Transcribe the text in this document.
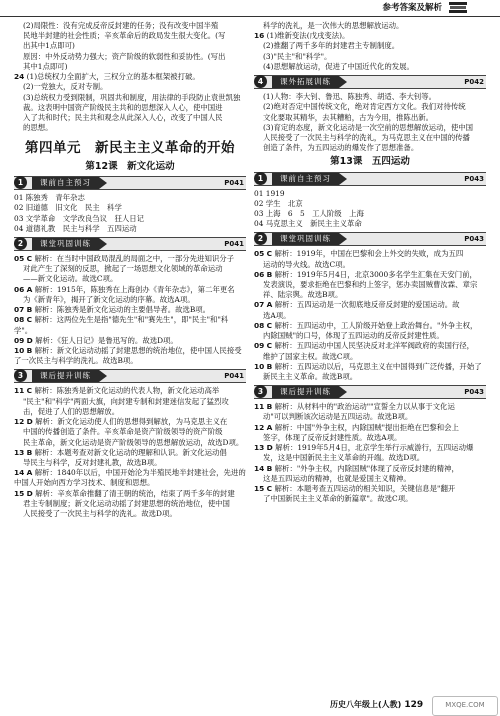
参考答案及解析

(2)局限性：没有完成反帝反封建的任务；没有改变中国半殖

民地半封建的社会性质；辛亥革命后的政局发生很大变化。(写

出其中1点即可)

原因：中外反动势力强大；资产阶级的软弱性和妥协性。(写出

其中1点即可)

24 (1)总统权力全面扩大，三权分立的基本框架被打破。

(2)一党独大，反对专制。

(3)总统权力受到限制，巩固共和制度，用法律的手段防止袁世凯独

裁。这表明中国资产阶级民主共和的思想深入人心，使中国进

入了共和时代；民主共和观念从此深入人心，改变了中国人民

的思想。

第四单元　新民主主义革命的开始
第12课　新文化运动
1	课前自主预习	P041

01 陈独秀　青年杂志

02 旧道德　旧文化　民主　科学

03 文学革命　文学改良刍议　狂人日记

04 道德礼教　民主与科学　五四运动

2	课堂巩固训练	P041

05 C 解析：在当时中国政局混乱的局面之中，一部分先进知识分子

对此产生了深刻的反思，掀起了一场思想文化领域的革命运动

——新文化运动。故选C项。

06 A 解析：1915年，陈独秀在上海创办《青年杂志》，第二年更名

为《新青年》，揭开了新文化运动的序幕。故选A项。

07 B 解析：陈独秀是新文化运动的主要倡导者。故选B项。

08 C 解析：这两位先生是指"德先生"和"赛先生"，即"民主"和"科学"。

09 D 解析：《狂人日记》是鲁迅写的。故选D项。

10 B 解析：新文化运动动摇了封建思想的统治地位，使中国人民接受了一次民主与科学的洗礼。故选B项。

3	课后提升训练	P041

11 C 解析：陈独秀是新文化运动的代表人物，新文化运动高举

"民主"和"科学"两面大旗，向封建专制和封建迷信发起了猛烈攻

击，促进了人们的思想解放。

12 D 解析：新文化运动使人们的思想得到解放，为马克思主义在

中国的传播创造了条件。辛亥革命是资产阶级领导的资产阶级

民主革命，新文化运动是资产阶级领导的思想解放运动，故选D项。

13 B 解析：本题考查对新文化运动的理解和认识。新文化运动倡

导民主与科学，反对封建礼教，故选B项。

14 A 解析：1840年以后，中国开始沦为半殖民地半封建社会，先进的中国人开始向西方学习技术、制度和思想。

15 D 解析：辛亥革命推翻了清王朝的统治，结束了两千多年的封建

君主专制制度；新文化运动动摇了封建思想的统治地位，使中国

人民接受了一次民主与科学的洗礼。故选D项。

科学的洗礼，是一次伟大的思想解放运动。

16 (1)维新变法(戊戌变法)。

(2)推翻了两千多年的封建君主专制制度。

(3)"民主"和"科学"。

(4)思想解放运动，促进了中国近代化的发展。

4	课外拓展训练	P042

(1)人物：李大钊、鲁迅、陈独秀、胡适、李大钊等。

(2)绝对否定中国传统文化，绝对肯定西方文化。我们对待传统

文化要取其精华，去其糟粕，古为今用，推陈出新。

(3)育定的态度，新文化运动是一次空前的思想解放运动，使中国

人民接受了一次民主与科学的洗礼，为马克思主义在中国的传播

创造了条件，为五四运动的爆发作了思想准备。

第13课　五四运动
1	课前自主预习	P043

01 1919

02 学生　北京

03 上海　6　5　工人阶级　上海

04 马克思主义　新民主主义革命

2	课堂巩固训练	P043

05 C 解析：1919年，中国在巴黎和会上外交的失败，成为五四

运动的导火线。故选C项。

06 B 解析：1919年5月4日，北京3000多名学生汇集在天安门前，

发表演说，要求拒绝在巴黎和约上签字，惩办卖国贼曹汝霖、章宗

祥、陆宗舆。故选B项。

07 A 解析：五四运动是一次彻底地反帝反封建的爱国运动。故

选A项。

08 C 解析：五四运动中，工人阶级开始登上政治舞台。"外争主权，

内除国贼"的口号，体现了五四运动的反帝反封建性质。

09 C 解析：五四运动中国人民坚决反对北洋军阀政府的卖国行径，

维护了国家主权。故选C项。

10 B 解析：五四运动以后，马克思主义在中国得到广泛传播，开始了

新民主主义革命。故选B项。

3	课后提升训练	P043

11 B 解析：从材料中的"政治运动""宣誓全力以从事于文化运

动"可以判断该次运动是五四运动。故选B项。

12 A 解析：中国"外争主权，内除国贼"提出拒绝在巴黎和会上

签字，体现了反帝反封建性质。故选A项。

13 D 解析：1919年5月4日，北京学生举行示威游行，五四运动爆

发，这是中国新民主主义革命的开端。故选D项。

14 B 解析："外争主权，内除国贼"体现了反帝反封建的精神，

这是五四运动的精神，也就是爱国主义精神。

15 C 解析：本题考查五四运动的相关知识，关键信息是"翻开

了中国新民主主义革命的新篇章"。故选C项。

历史八年级上(人教) 129	MXQE.COM
